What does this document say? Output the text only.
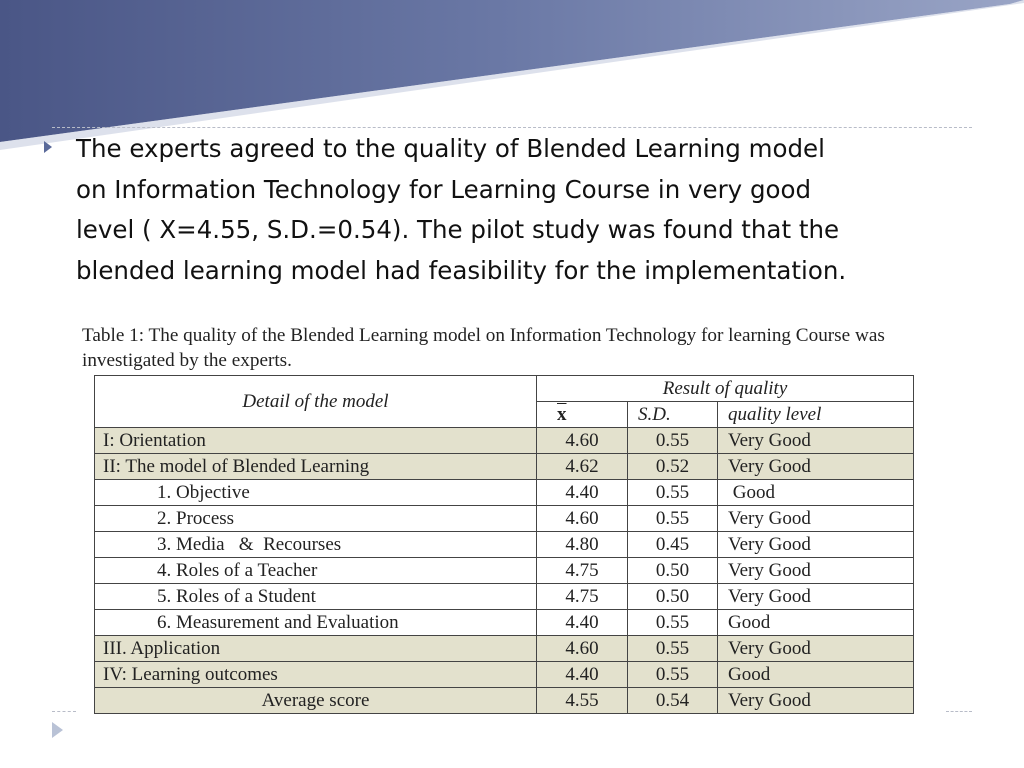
The experts agreed to the quality of Blended Learning model
on Information Technology for Learning Course in very good
level ( X=4.55, S.D.=0.54). The pilot study was found that the
blended learning model had feasibility for the implementation.
Table 1: The quality of the Blended Learning model on Information Technology for learning Course was investigated by the experts.
Detail of the model	Result of quality		
	$\overline{x}$	S.D.	quality level
I: Orientation	4.60	0.55	Very Good
II: The model of Blended Learning	4.62	0.52	Very Good
1. Objective	4.40	0.55	Good
2. Process	4.60	0.55	Very Good
3. Media   &  Recourses	4.80	0.45	Very Good
4. Roles of a Teacher	4.75	0.50	Very Good
5. Roles of a Student	4.75	0.50	Very Good
6. Measurement and Evaluation	4.40	0.55	Good
III. Application	4.60	0.55	Very Good
IV: Learning outcomes	4.40	0.55	Good
Average score	4.55	0.54	Very Good
